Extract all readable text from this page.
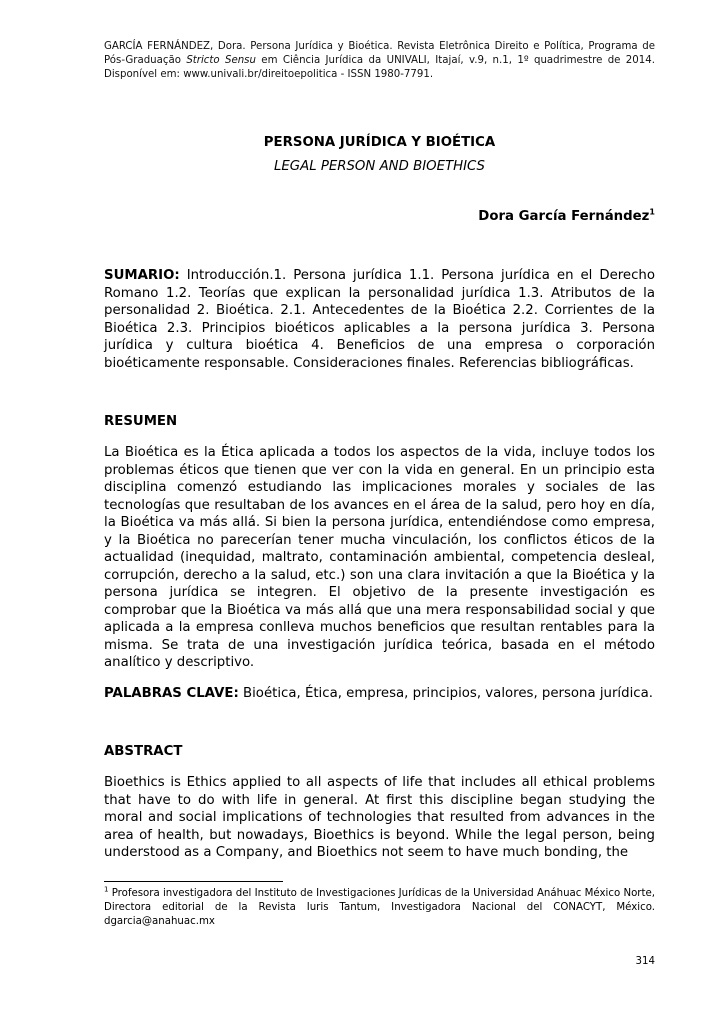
GARCÍA FERNÁNDEZ, Dora. Persona Jurídica y Bioética. Revista Eletrônica Direito e Política, Programa de Pós-Graduação Stricto Sensu em Ciência Jurídica da UNIVALI, Itajaí, v.9, n.1, 1º quadrimestre de 2014. Disponível em: www.univali.br/direitoepolitica - ISSN 1980-7791.
PERSONA JURÍDICA Y BIOÉTICA
LEGAL PERSON AND BIOETHICS
Dora García Fernández$^1$
SUMARIO: Introducción.1. Persona jurídica 1.1. Persona jurídica en el Derecho Romano 1.2. Teorías que explican la personalidad jurídica 1.3. Atributos de la personalidad 2. Bioética. 2.1. Antecedentes de la Bioética 2.2. Corrientes de la Bioética 2.3. Principios bioéticos aplicables a la persona jurídica 3. Persona jurídica y cultura bioética 4. Beneficios de una empresa o corporación bioéticamente responsable. Consideraciones finales. Referencias bibliográficas.
RESUMEN
La Bioética es la Ética aplicada a todos los aspectos de la vida, incluye todos los problemas éticos que tienen que ver con la vida en general. En un principio esta disciplina comenzó estudiando las implicaciones morales y sociales de las tecnologías que resultaban de los avances en el área de la salud, pero hoy en día, la Bioética va más allá. Si bien la persona jurídica, entendiéndose como empresa, y la Bioética no parecerían tener mucha vinculación, los conflictos éticos de la actualidad (inequidad, maltrato, contaminación ambiental, competencia desleal, corrupción, derecho a la salud, etc.) son una clara invitación a que la Bioética y la persona jurídica se integren. El objetivo de la presente investigación es comprobar que la Bioética va más allá que una mera responsabilidad social y que aplicada a la empresa conlleva muchos beneficios que resultan rentables para la misma. Se trata de una investigación jurídica teórica, basada en el método analítico y descriptivo.
PALABRAS CLAVE: Bioética, Ética, empresa, principios, valores, persona jurídica.
ABSTRACT
Bioethics is Ethics applied to all aspects of life that includes all ethical problems that have to do with life in general. At first this discipline began studying the moral and social implications of technologies that resulted from advances in the area of health, but nowadays, Bioethics is beyond. While the legal person, being understood as a Company, and Bioethics not seem to have much bonding, the
$^1$ Profesora investigadora del Instituto de Investigaciones Jurídicas de la Universidad Anáhuac México Norte, Directora editorial de la Revista Iuris Tantum, Investigadora Nacional del CONACYT, México. dgarcia@anahuac.mx
314
